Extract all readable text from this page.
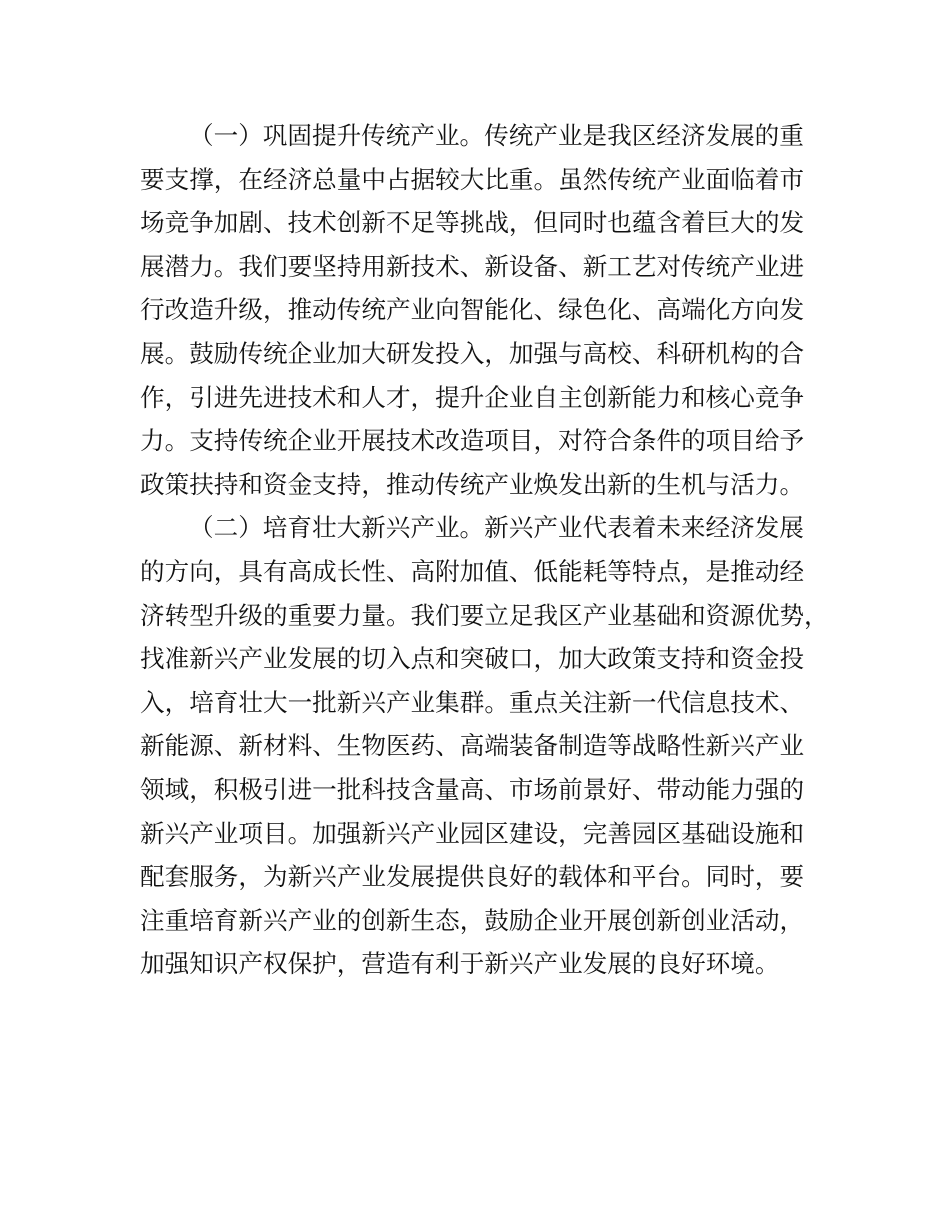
（一）巩固提升传统产业。传统产业是我区经济发展的重
要支撑，在经济总量中占据较大比重。虽然传统产业面临着市
场竞争加剧、技术创新不足等挑战，但同时也蕴含着巨大的发
展潜力。我们要坚持用新技术、新设备、新工艺对传统产业进
行改造升级，推动传统产业向智能化、绿色化、高端化方向发
展。鼓励传统企业加大研发投入，加强与高校、科研机构的合
作，引进先进技术和人才，提升企业自主创新能力和核心竞争
力。支持传统企业开展技术改造项目，对符合条件的项目给予
政策扶持和资金支持，推动传统产业焕发出新的生机与活力。
（二）培育壮大新兴产业。新兴产业代表着未来经济发展
的方向，具有高成长性、高附加值、低能耗等特点，是推动经
济转型升级的重要力量。我们要立足我区产业基础和资源优势，
找准新兴产业发展的切入点和突破口，加大政策支持和资金投
入，培育壮大一批新兴产业集群。重点关注新一代信息技术、
新能源、新材料、生物医药、高端装备制造等战略性新兴产业
领域，积极引进一批科技含量高、市场前景好、带动能力强的
新兴产业项目。加强新兴产业园区建设，完善园区基础设施和
配套服务，为新兴产业发展提供良好的载体和平台。同时，要
注重培育新兴产业的创新生态，鼓励企业开展创新创业活动，
加强知识产权保护，营造有利于新兴产业发展的良好环境。
